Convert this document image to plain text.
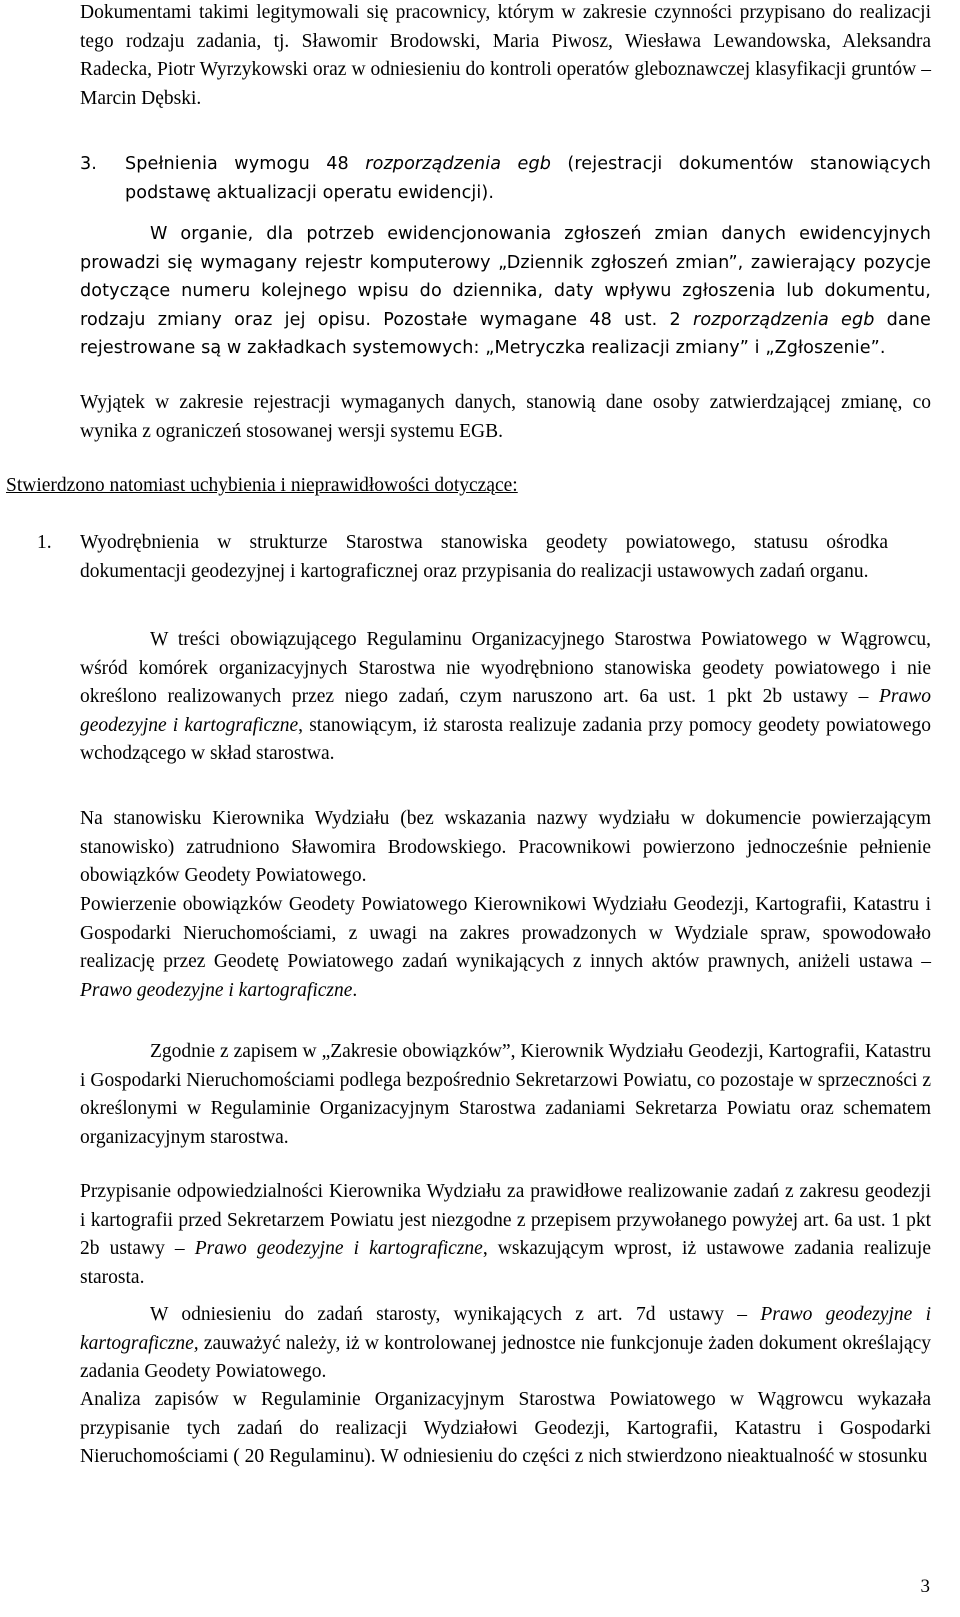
Dokumentami takimi legitymowali się pracownicy, którym w zakresie czynności przypisano do realizacji tego rodzaju zadania, tj. Sławomir Brodowski, Maria Piwosz, Wiesława Lewandowska, Aleksandra Radecka, Piotr Wyrzykowski oraz w odniesieniu do kontroli operatów gleboznawczej klasyfikacji gruntów – Marcin Dębski.

3. Spełnienia wymogu 48 rozporządzenia egb (rejestracji dokumentów stanowiących podstawę aktualizacji operatu ewidencji).

W organie, dla potrzeb ewidencjonowania zgłoszeń zmian danych ewidencyjnych prowadzi się wymagany rejestr komputerowy „Dziennik zgłoszeń zmian”, zawierający pozycje dotyczące numeru kolejnego wpisu do dziennika, daty wpływu zgłoszenia lub dokumentu, rodzaju zmiany oraz jej opisu. Pozostałe wymagane 48 ust. 2 rozporządzenia egb dane rejestrowane są w zakładkach systemowych: „Metryczka realizacji zmiany” i „Zgłoszenie”.

Wyjątek w zakresie rejestracji wymaganych danych, stanowią dane osoby zatwierdzającej zmianę, co wynika z ograniczeń stosowanej wersji systemu EGB.

Stwierdzono natomiast uchybienia i nieprawidłowości dotyczące:

1. Wyodrębnienia w strukturze Starostwa stanowiska geodety powiatowego, statusu ośrodka dokumentacji geodezyjnej i kartograficznej oraz przypisania do realizacji ustawowych zadań organu.

W treści obowiązującego Regulaminu Organizacyjnego Starostwa Powiatowego w Wągrowcu, wśród komórek organizacyjnych Starostwa nie wyodrębniono stanowiska geodety powiatowego i nie określono realizowanych przez niego zadań, czym naruszono art. 6a ust. 1 pkt 2b ustawy – Prawo geodezyjne i kartograficzne, stanowiącym, iż starosta realizuje zadania przy pomocy geodety powiatowego wchodzącego w skład starostwa.

Na stanowisku Kierownika Wydziału (bez wskazania nazwy wydziału w dokumencie powierzającym stanowisko) zatrudniono Sławomira Brodowskiego. Pracownikowi powierzono jednocześnie pełnienie obowiązków Geodety Powiatowego.

Powierzenie obowiązków Geodety Powiatowego Kierownikowi Wydziału Geodezji, Kartografii, Katastru i Gospodarki Nieruchomościami, z uwagi na zakres prowadzonych w Wydziale spraw, spowodowało realizację przez Geodetę Powiatowego zadań wynikających z innych aktów prawnych, aniżeli ustawa – Prawo geodezyjne i kartograficzne.

Zgodnie z zapisem w „Zakresie obowiązków”, Kierownik Wydziału Geodezji, Kartografii, Katastru i Gospodarki Nieruchomościami podlega bezpośrednio Sekretarzowi Powiatu, co pozostaje w sprzeczności z określonymi w Regulaminie Organizacyjnym Starostwa zadaniami Sekretarza Powiatu oraz schematem organizacyjnym starostwa.

Przypisanie odpowiedzialności Kierownika Wydziału za prawidłowe realizowanie zadań z zakresu geodezji i kartografii przed Sekretarzem Powiatu jest niezgodne z przepisem przywołanego powyżej art. 6a ust. 1 pkt 2b ustawy – Prawo geodezyjne i kartograficzne, wskazującym wprost, iż ustawowe zadania realizuje starosta.

W odniesieniu do zadań starosty, wynikających z art. 7d ustawy – Prawo geodezyjne i kartograficzne, zauważyć należy, iż w kontrolowanej jednostce nie funkcjonuje żaden dokument określający zadania Geodety Powiatowego.

Analiza zapisów w Regulaminie Organizacyjnym Starostwa Powiatowego w Wągrowcu wykazała przypisanie tych zadań do realizacji Wydziałowi Geodezji, Kartografii, Katastru i Gospodarki Nieruchomościami ( 20 Regulaminu). W odniesieniu do części z nich stwierdzono nieaktualność w stosunku

3
